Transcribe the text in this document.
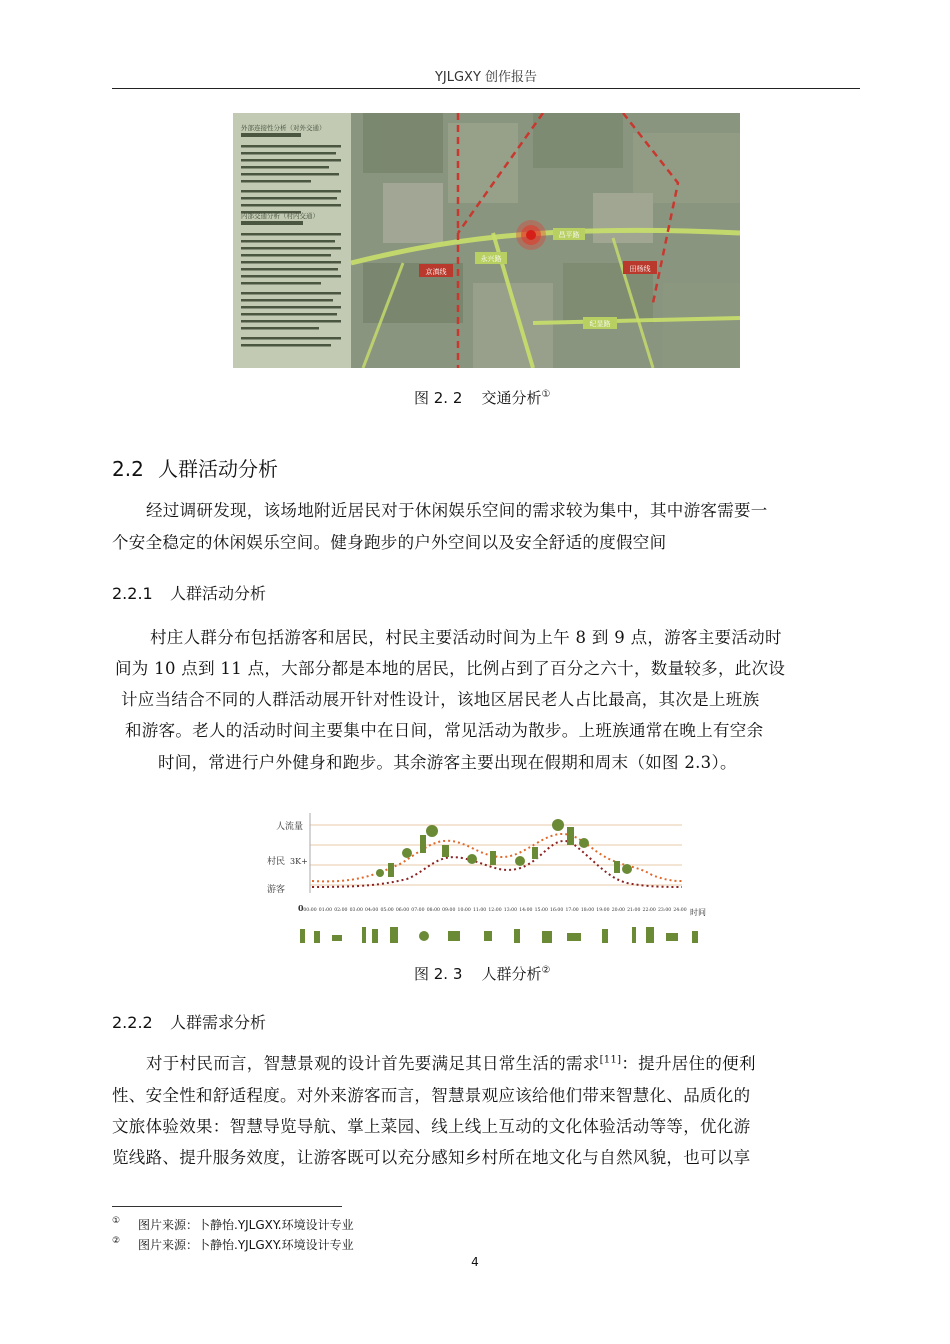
YJLGXY 创作报告
京滇线
永兴路
昌平路
田杨线
纪显路
外部连接性分析（对外交通）
内部交通分析（村内交通）
图 2. 2 交通分析①
2.2 人群活动分析
经过调研发现，该场地附近居民对于休闲娱乐空间的需求较为集中，其中游客需要一
个安全稳定的休闲娱乐空间。健身跑步的户外空间以及安全舒适的度假空间
2.2.1 人群活动分析
村庄人群分布包括游客和居民，村民主要活动时间为上午 8 到 9 点，游客主要活动时
间为 10 点到 11 点，大部分都是本地的居民，比例占到了百分之六十，数量较多，此次设
计应当结合不同的人群活动展开针对性设计，该地区居民老人占比最高，其次是上班族
和游客。老人的活动时间主要集中在日间，常见活动为散步。上班族通常在晚上有空余
时间，常进行户外健身和跑步。其余游客主要出现在假期和周末（如图 2.3）。
人流量
村民 3K+
游客
0 00:00 01:00 02:00 03:00 04:00 05:00 06:00 07:00 08:00 09:00 10:00 11:00 12:00 13:00 14:00 15:00 16:00 17:00 18:00 19:00 20:00 21:00 22:00 23:00 24:00 时间
图 2. 3 人群分析②
2.2.2 人群需求分析
对于村民而言，智慧景观的设计首先要满足其日常生活的需求[11]：提升居住的便利
性、安全性和舒适程度。对外来游客而言，智慧景观应该给他们带来智慧化、品质化的
文旅体验效果：智慧导览导航、掌上菜园、线上线上互动的文化体验活动等等，优化游
览线路、提升服务效度，让游客既可以充分感知乡村所在地文化与自然风貌，也可以享
① 图片来源：卜静怡.YJLGXY.环境设计专业
② 图片来源：卜静怡.YJLGXY.环境设计专业
4
